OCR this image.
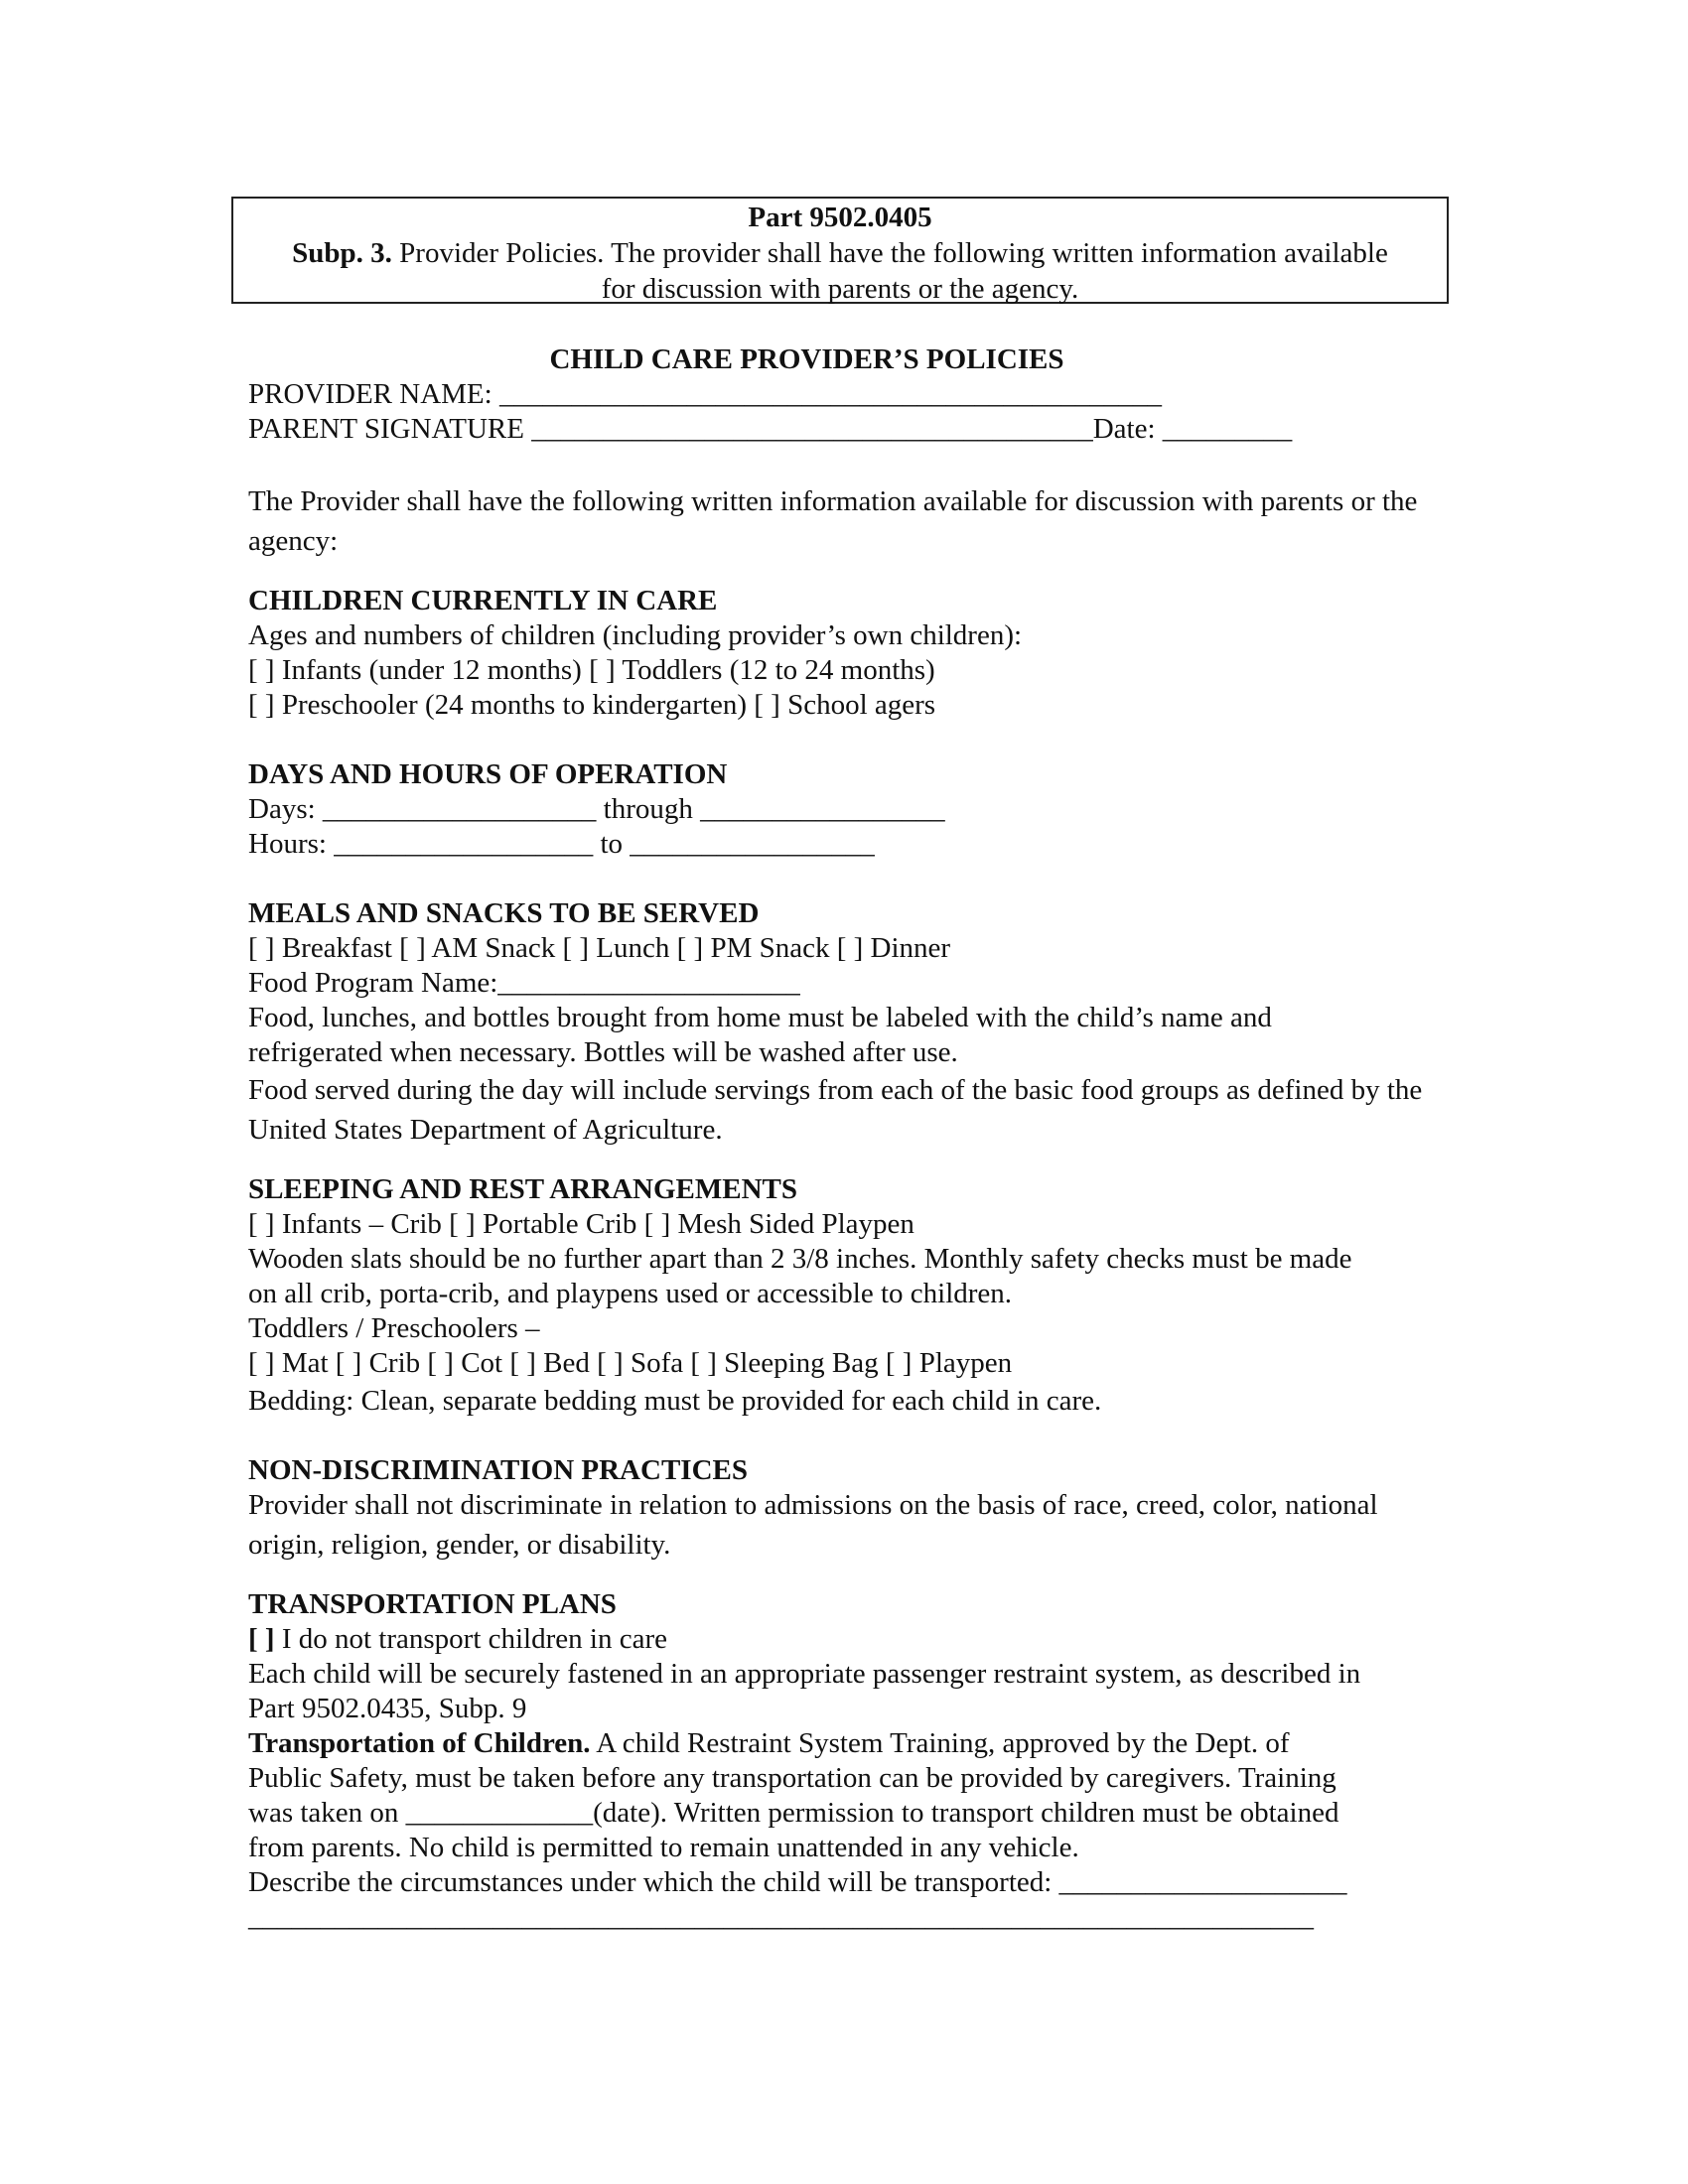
Part 9502.0405
Subp. 3. Provider Policies. The provider shall have the following written information available
for discussion with parents or the agency.
CHILD CARE PROVIDER’S POLICIES
PROVIDER NAME: ______________________________________________
PARENT SIGNATURE _______________________________________Date: _________
The Provider shall have the following written information available for discussion with parents or the agency:
CHILDREN CURRENTLY IN CARE
Ages and numbers of children (including provider’s own children):
[ ] Infants (under 12 months) [ ] Toddlers (12 to 24 months)
[ ] Preschooler (24 months to kindergarten) [ ] School agers
DAYS AND HOURS OF OPERATION
Days: ___________________ through _________________
Hours: __________________ to _________________
MEALS AND SNACKS TO BE SERVED
[ ] Breakfast [ ] AM Snack [ ] Lunch [ ] PM Snack [ ] Dinner
Food Program Name:_____________________
Food, lunches, and bottles brought from home must be labeled with the child’s name and
refrigerated when necessary. Bottles will be washed after use.
Food served during the day will include servings from each of the basic food groups as defined by the United States Department of Agriculture.
SLEEPING AND REST ARRANGEMENTS
[ ] Infants – Crib [ ] Portable Crib [ ] Mesh Sided Playpen
Wooden slats should be no further apart than 2 3/8 inches. Monthly safety checks must be made
on all crib, porta-crib, and playpens used or accessible to children.
Toddlers / Preschoolers –
[ ] Mat [ ] Crib [ ] Cot [ ] Bed [ ] Sofa [ ] Sleeping Bag [ ] Playpen
Bedding: Clean, separate bedding must be provided for each child in care.
NON-DISCRIMINATION PRACTICES
Provider shall not discriminate in relation to admissions on the basis of race, creed, color, national origin, religion, gender, or disability.
TRANSPORTATION PLANS
[ ] I do not transport children in care
Each child will be securely fastened in an appropriate passenger restraint system, as described in
Part 9502.0435, Subp. 9
Transportation of Children. A child Restraint System Training, approved by the Dept. of
Public Safety, must be taken before any transportation can be provided by caregivers. Training
was taken on _____________(date). Written permission to transport children must be obtained
from parents. No child is permitted to remain unattended in any vehicle.
Describe the circumstances under which the child will be transported: ____________________
__________________________________________________________________________
